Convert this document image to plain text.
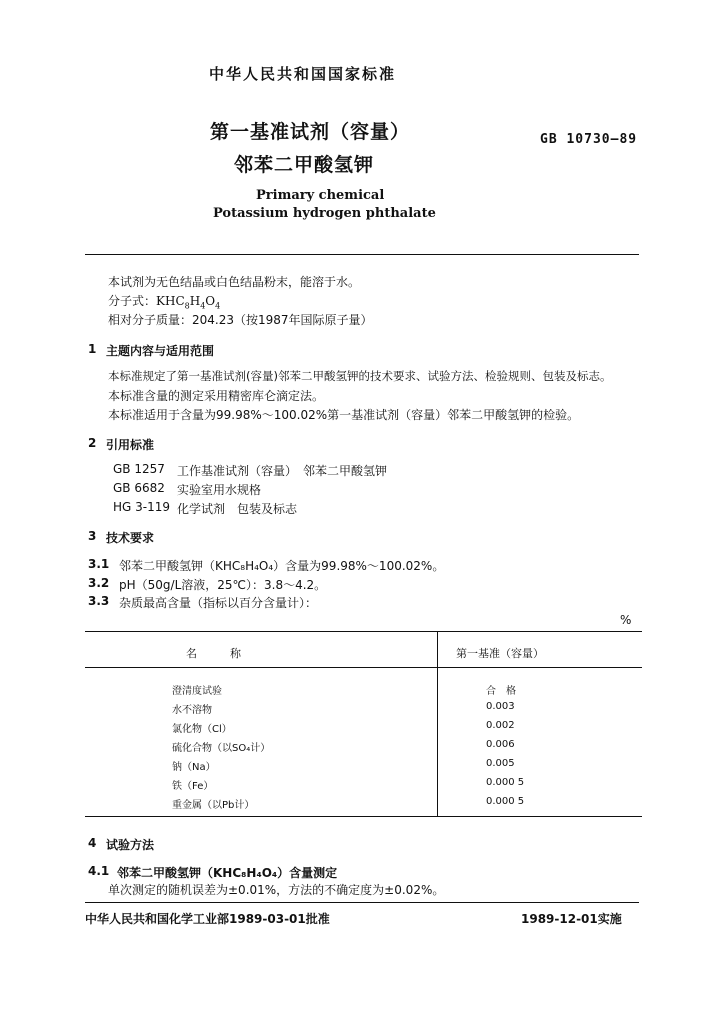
中华人民共和国国家标准
第一基准试剂（容量）
邻苯二甲酸氢钾
GB 10730—89
Primary chemical
Potassium hydrogen phthalate
本试剂为无色结晶或白色结晶粉末，能溶于水。
分子式：$KHC_8H_4O_4$
相对分子质量：204.23（按1987年国际原子量）
1 主题内容与适用范围
本标准规定了第一基准试剂(容量)邻苯二甲酸氢钾的技术要求、试验方法、检验规则、包装及标志。
本标准含量的测定采用精密库仑滴定法。
本标准适用于含量为99.98%～100.02%第一基准试剂（容量）邻苯二甲酸氢钾的检验。
2 引用标准
GB 1257 工作基准试剂（容量）　邻苯二甲酸氢钾
GB 6682 实验室用水规格
HG 3-119 化学试剂　包装及标志
3 技术要求
3.1 邻苯二甲酸氢钾（KHC₈H₄O₄）含量为99.98%～100.02%。
3.2 pH（50g/L溶液，25℃）：3.8～4.2。
3.3 杂质最高含量（指标以百分含量计）：
%
名　　　称	第一基准（容量）
澄清度试验	合　格
水不溶物	0.003
氯化物（Cl）	0.002
硫化合物（以SO₄计）	0.006
钠（Na）	0.005
铁（Fe）	0.000 5
重金属（以Pb计）	0.000 5
4 试验方法
4.1 邻苯二甲酸氢钾（KHC₈H₄O₄）含量测定
单次测定的随机误差为±0.01%，方法的不确定度为±0.02%。
中华人民共和国化学工业部1989-03-01批准	1989-12-01实施
